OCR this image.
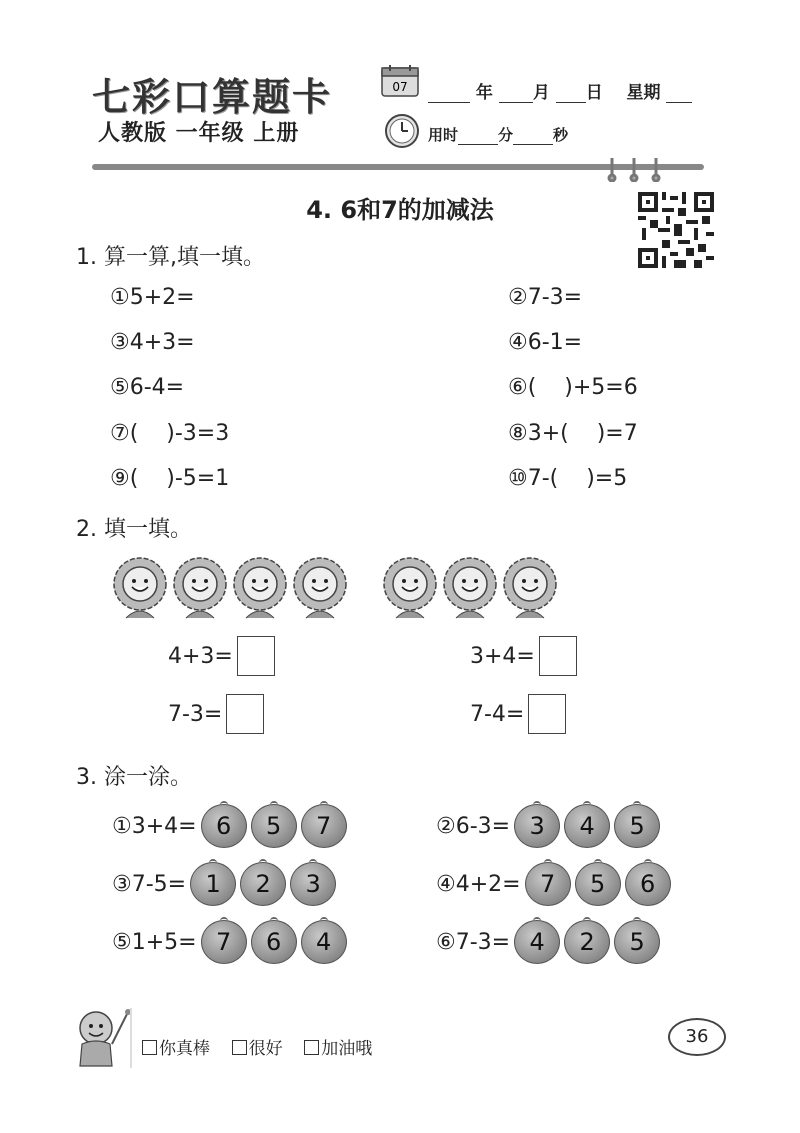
七彩口算题卡
人教版 一年级 上册
07	年 月 日 星期
用时	分	秒
4. 6和7的加减法
1. 算一算,填一填。
①5+2=	②7-3=
③4+3=	④6-1=
⑤6-4=	⑥(    )+5=6
⑦(    )-3=3	⑧3+(    )=7
⑨(    )-5=1	⑩7-(    )=5
2. 填一填。
4+3=	3+4=
7-3=	7-4=
3. 涂一涂。
①3+4= 6	5	7	②6-3= 3	4	5
③7-5= 1	2	3	④4+2= 7	5	6
⑤1+5= 7	6	4	⑥7-3= 4	2	5
你真棒 很好 加油哦
36
